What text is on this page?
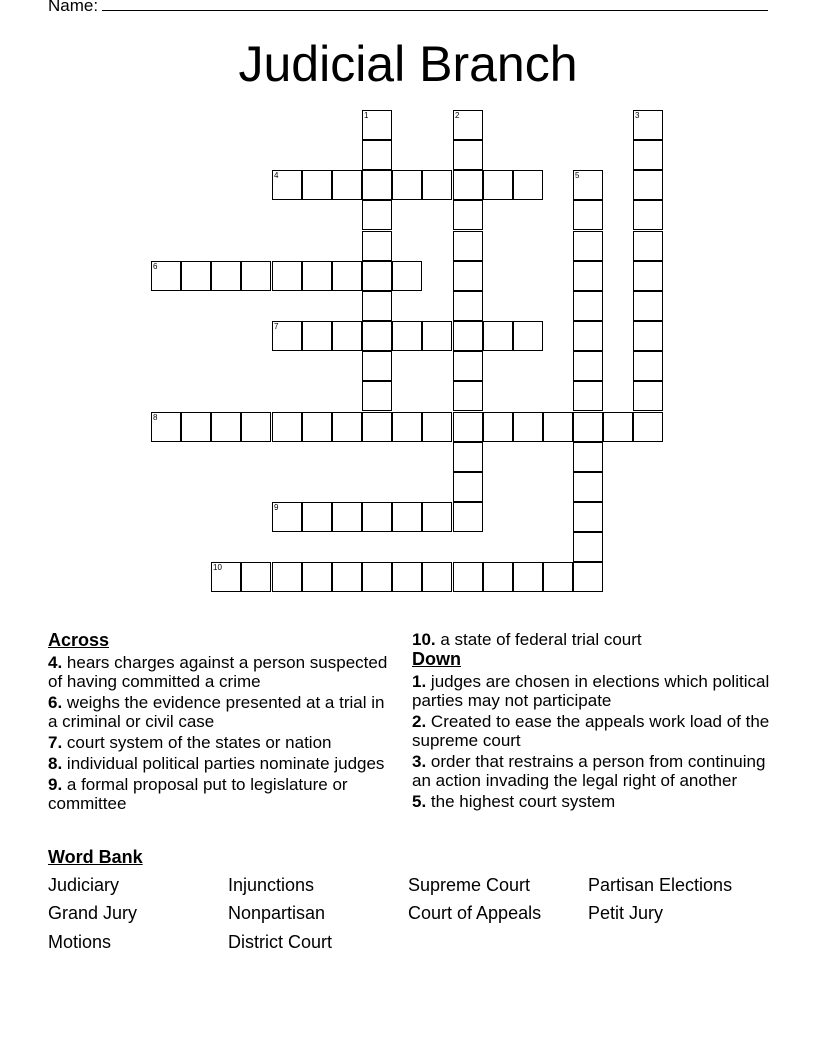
Name:
Judicial Branch
1	2	3
4	5
6
7
8
9
10
Across
4. hears charges against a person suspected of having committed a crime
6. weighs the evidence presented at a trial in a criminal or civil case
7. court system of the states or nation
8. individual political parties nominate judges
9. a formal proposal put to legislature or committee
10. a state of federal trial court
Down
1. judges are chosen in elections which political parties may not participate
2. Created to ease the appeals work load of the supreme court
3. order that restrains a person from continuing an action invading the legal right of another
5. the highest court system
Word Bank
Judiciary	Injunctions	Supreme Court	Partisan Elections
Grand Jury	Nonpartisan	Court of Appeals	Petit Jury
Motions	District Court
